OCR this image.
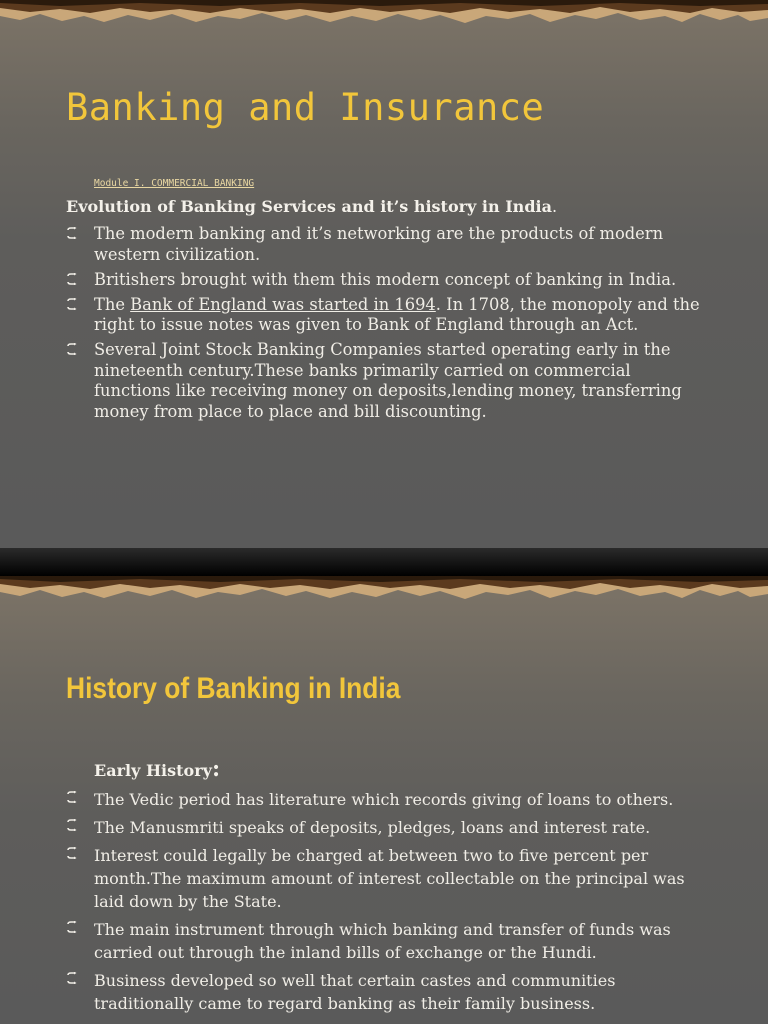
Banking and Insurance
Module I. COMMERCIAL BANKING
Evolution of Banking Services and it’s history in India.
The modern banking and it’s networking are the products of modern western civilization.
Britishers brought with them this modern concept of banking in India.
The Bank of England was started in 1694. In 1708, the monopoly and the right to issue notes was given to Bank of England through an Act.
Several Joint Stock Banking Companies started operating early in the nineteenth century.These banks primarily carried on commercial functions like receiving money on deposits,lending money, transferring money from place to place and bill discounting.
History of Banking in India
Early History:
The Vedic period has literature which records giving of loans to others.
The Manusmriti speaks of deposits, pledges, loans and interest rate.
Interest could legally be charged at between two to five percent per month.The maximum amount of interest collectable on the principal was laid down by the State.
The main instrument through which banking and transfer of funds was carried out through the inland bills of exchange or the Hundi.
Business developed so well that certain castes and communities traditionally came to regard banking as their family business.
